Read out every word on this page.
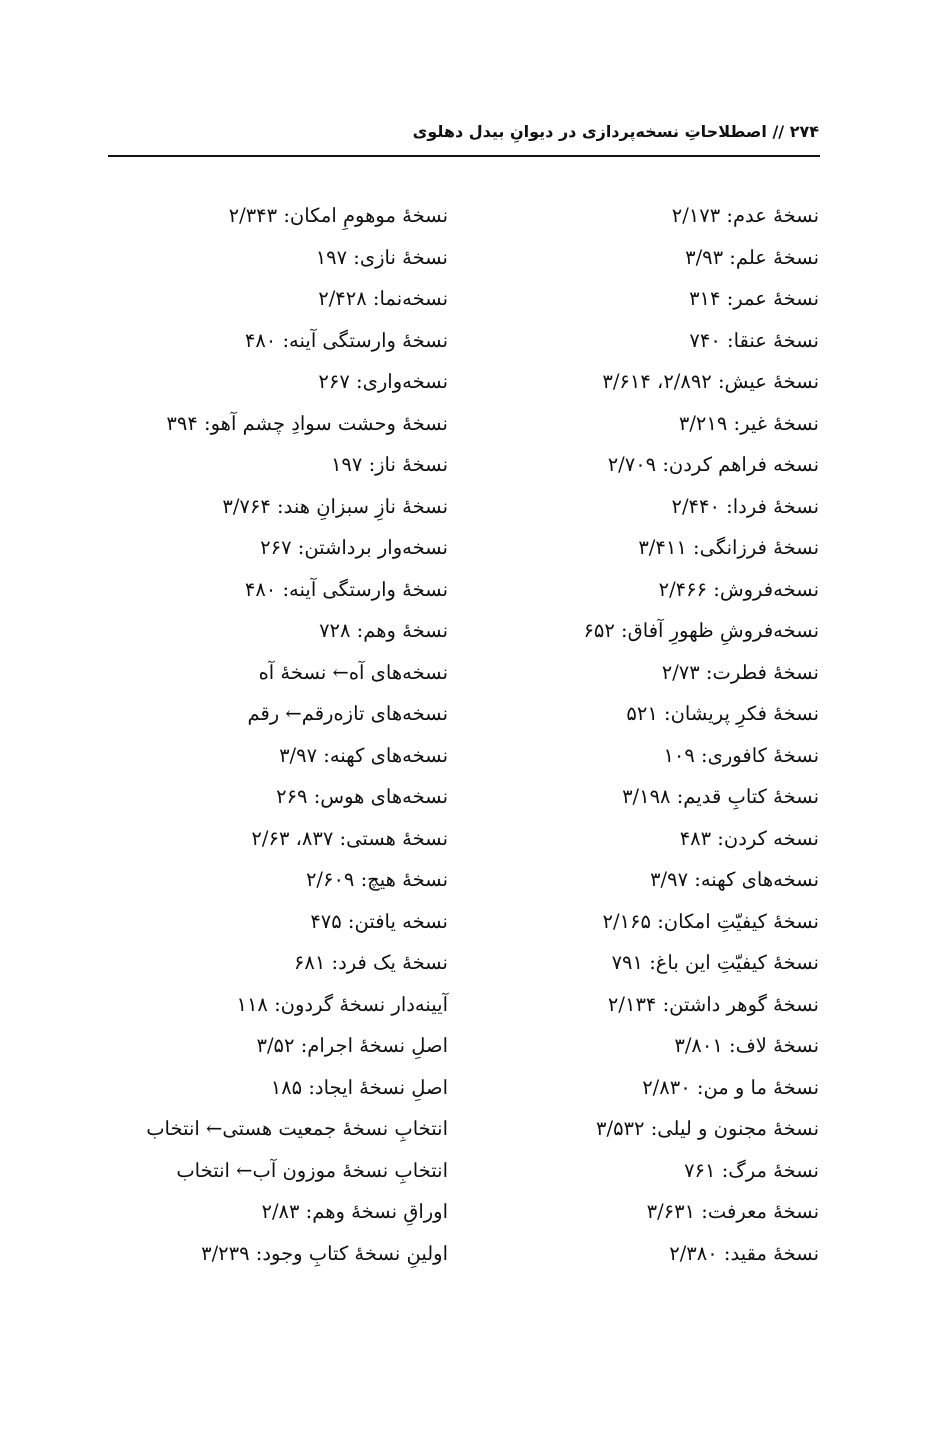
۲۷۴ // اصطلاحاتِ نسخه‌پردازی در دیوانِ بیدل دهلوی
نسخهٔ عدم: ۲/۱۷۳
نسخهٔ علم: ۳/۹۳
نسخهٔ عمر: ۳۱۴
نسخهٔ عنقا: ۷۴۰
نسخهٔ عیش: ۲/۸۹۲، ۳/۶۱۴
نسخهٔ غیر: ۳/۲۱۹
نسخه فراهم کردن: ۲/۷۰۹
نسخهٔ فردا: ۲/۴۴۰
نسخهٔ فرزانگی: ۳/۴۱۱
نسخه‌فروش: ۲/۴۶۶
نسخه‌فروشِ ظهورِ آفاق: ۶۵۲
نسخهٔ فطرت: ۲/۷۳
نسخهٔ فکرِ پریشان: ۵۲۱
نسخهٔ کافوری: ۱۰۹
نسخهٔ کتابِ قدیم: ۳/۱۹۸
نسخه کردن: ۴۸۳
نسخه‌های کهنه: ۳/۹۷
نسخهٔ کیفیّتِ امکان: ۲/۱۶۵
نسخهٔ کیفیّتِ این باغ: ۷۹۱
نسخهٔ گوهر داشتن: ۲/۱۳۴
نسخهٔ لاف: ۳/۸۰۱
نسخهٔ ما و من: ۲/۸۳۰
نسخهٔ مجنون و لیلی: ۳/۵۳۲
نسخهٔ مرگ: ۷۶۱
نسخهٔ معرفت: ۳/۶۳۱
نسخهٔ مقید: ۲/۳۸۰
نسخهٔ موهومِ امکان: ۲/۳۴۳
نسخهٔ نازی: ۱۹۷
نسخه‌نما: ۲/۴۲۸
نسخهٔ وارستگی آینه: ۴۸۰
نسخه‌واری: ۲۶۷
نسخهٔ وحشت سوادِ چشم آهو: ۳۹۴
نسخهٔ ناز: ۱۹۷
نسخهٔ نازِ سبزانِ هند: ۳/۷۶۴
نسخه‌وار برداشتن: ۲۶۷
نسخهٔ وارستگی آینه: ۴۸۰
نسخهٔ وهم: ۷۲۸
نسخه‌های آه← نسخهٔ آه
نسخه‌های تازه‌رقم← رقم
نسخه‌های کهنه: ۳/۹۷
نسخه‌های هوس: ۲۶۹
نسخهٔ هستی: ۸۳۷، ۲/۶۳
نسخهٔ هیچ: ۲/۶۰۹
نسخه یافتن: ۴۷۵
نسخهٔ یک فرد: ۶۸۱
آیینه‌دار نسخهٔ گردون: ۱۱۸
اصلِ نسخهٔ اجرام: ۳/۵۲
اصلِ نسخهٔ ایجاد: ۱۸۵
انتخابِ نسخهٔ جمعیت هستی← انتخاب
انتخابِ نسخهٔ موزون آب← انتخاب
اوراقِ نسخهٔ وهم: ۲/۸۳
اولینِ نسخهٔ کتابِ وجود: ۳/۲۳۹
